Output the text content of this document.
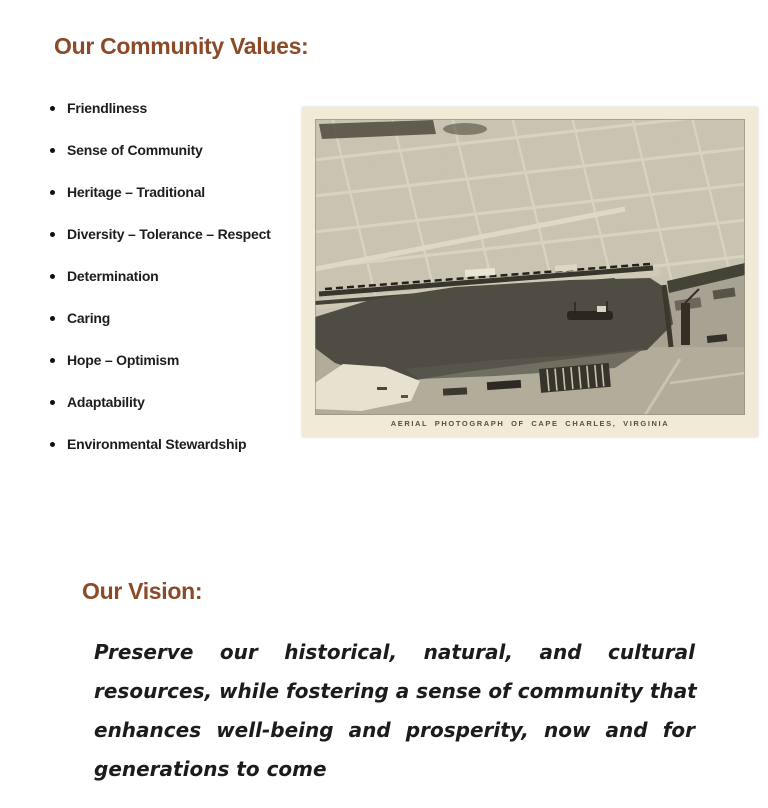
Our Community Values:
Friendliness
Sense of Community
Heritage – Traditional
Diversity – Tolerance – Respect
Determination
Caring
Hope – Optimism
Adaptability
Environmental Stewardship
AERIAL PHOTOGRAPH OF CAPE CHARLES, VIRGINIA
Our Vision:
Preserve our historical, natural, and cultural
resources, while fostering a sense of community that
enhances well-being and prosperity, now and for
generations to come
